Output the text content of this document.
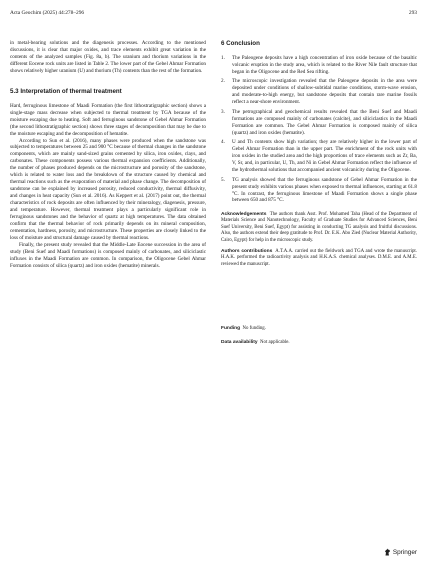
Acta Geochim (2025) 44:278–296	293

in metal-bearing solutions and the diagenesis processes. According to the mentioned discussions, it is clear that major oxides, and trace elements exhibit great variation in the contents of the analyzed samples (Fig. 8a, b). The uranium and thorium variations in the different Eocene rock units are listed in Table 2. The lower part of the Gebel Ahmar Formation shows relatively higher uranium (U) and thorium (Th) contents than the rest of the formation.

5.3 Interpretation of thermal treatment

Hard, ferruginous limestone of Maadi Formation (the first lithostratigraphic section) shows a single-stage mass decrease when subjected to thermal treatment by TGA because of the moisture escaping due to heating. Soft and ferruginous sandstone of Gebel Ahmar Formation (the second lithostratigraphic section) shows three stages of decomposition that may be due to the moisture escaping and the decomposition of hematite.

According to Sun et al. (2016), many phases were produced when the sandstone was subjected to temperatures between 25 and 900 °C because of thermal changes in the sandstone components, which are mainly sand-sized grains cemented by silica, iron oxides, clays, and carbonates. These components possess various thermal expansion coefficients. Additionally, the number of phases produced depends on the microstructure and porosity of the sandstone, which is related to water loss and the breakdown of the structure caused by chemical and thermal reactions such as the evaporation of material and phase change. The decomposition of sandstone can be explained by increased porosity, reduced conductivity, thermal diffusivity, and changes in heat capacity (Sun et al. 2016). As Keppert et al. (2017) point out, the thermal characteristics of rock deposits are often influenced by their mineralogy, diagenesis, pressure, and temperature. However, thermal treatment plays a particularly significant role in ferruginous sandstones and the behavior of quartz at high temperatures. The data obtained confirm that the thermal behavior of rock primarily depends on its mineral composition, cementation, hardness, porosity, and microstructure. These properties are closely linked to the loss of moisture and structural damage caused by thermal reactions.

Finally, the present study revealed that the Middle-Late Eocene succession in the area of study (Beni Suef and Maadi formations) is composed mainly of carbonates, and siliciclastic influxes in the Maadi Formation are common. In comparison, the Oligocene Gebel Ahmar Formation consists of silica (quartz) and iron oxides (hematite) minerals.

6 Conclusion
1.	The Paleogene deposits have a high concentration of iron oxide because of the basaltic volcanic eruption in the study area, which is related to the River Nile fault structure that began in the Oligocene and the Red Sea rifting.
2.	The microscopic investigation revealed that the Paleogene deposits in the area were deposited under conditions of shallow-subtidal marine conditions, storm-wave erosion, and moderate-to-high energy, but sandstone deposits that contain rare marine fossils reflect a near-shore environment.
3.	The petrographical and geochemical results revealed that the Beni Suef and Maadi formations are composed mainly of carbonates (calcite), and siliciclastics in the Maadi Formation are common. The Gebel Ahmar Formation is composed mainly of silica (quartz) and iron oxides (hematite).
4.	U and Th contents show high variation; they are relatively higher in the lower part of Gebel Ahmar Formation than in the upper part. The enrichment of the rock units with iron oxides in the studied area and the high proportions of trace elements such as Zr, Ba, V, Sr, and, in particular, U, Th, and Ni in Gebel Ahmar Formation reflect the influence of the hydrothermal solutions that accompanied ancient volcanicity during the Oligocene.
5.	TG analysis showed that the ferruginous sandstone of Gebel Ahmar Formation in the present study exhibits various phases when exposed to thermal influences, starting at 61.8 °C. In contrast, the ferruginous limestone of Maadi Formation shows a single phase between 650 and 875 °C.

Acknowledgements The authors thank Asst. Prof. Mohamed Taha (Head of the Department of Materials Science and Nanotechnology, Faculty of Graduate Studies for Advanced Sciences, Beni Suef University, Beni Suef, Egypt) for assisting in conducting TG analysis and fruitful discussions. Also, the authors extend their deep gratitude to Prof. Dr. E.K. Abo Zied (Nuclear Material Authority, Cairo, Egypt) for help in the microscopic study.

Authors contributions A.T.A.A. carried out the fieldwork and TGA and wrote the manuscript. H.A.K. performed the radioactivity analysis and H.K.A.S. chemical analyses. D.M.E. and A.M.E. reviewed the manuscript.

Funding No funding.

Data availability Not applicable.

Springer
